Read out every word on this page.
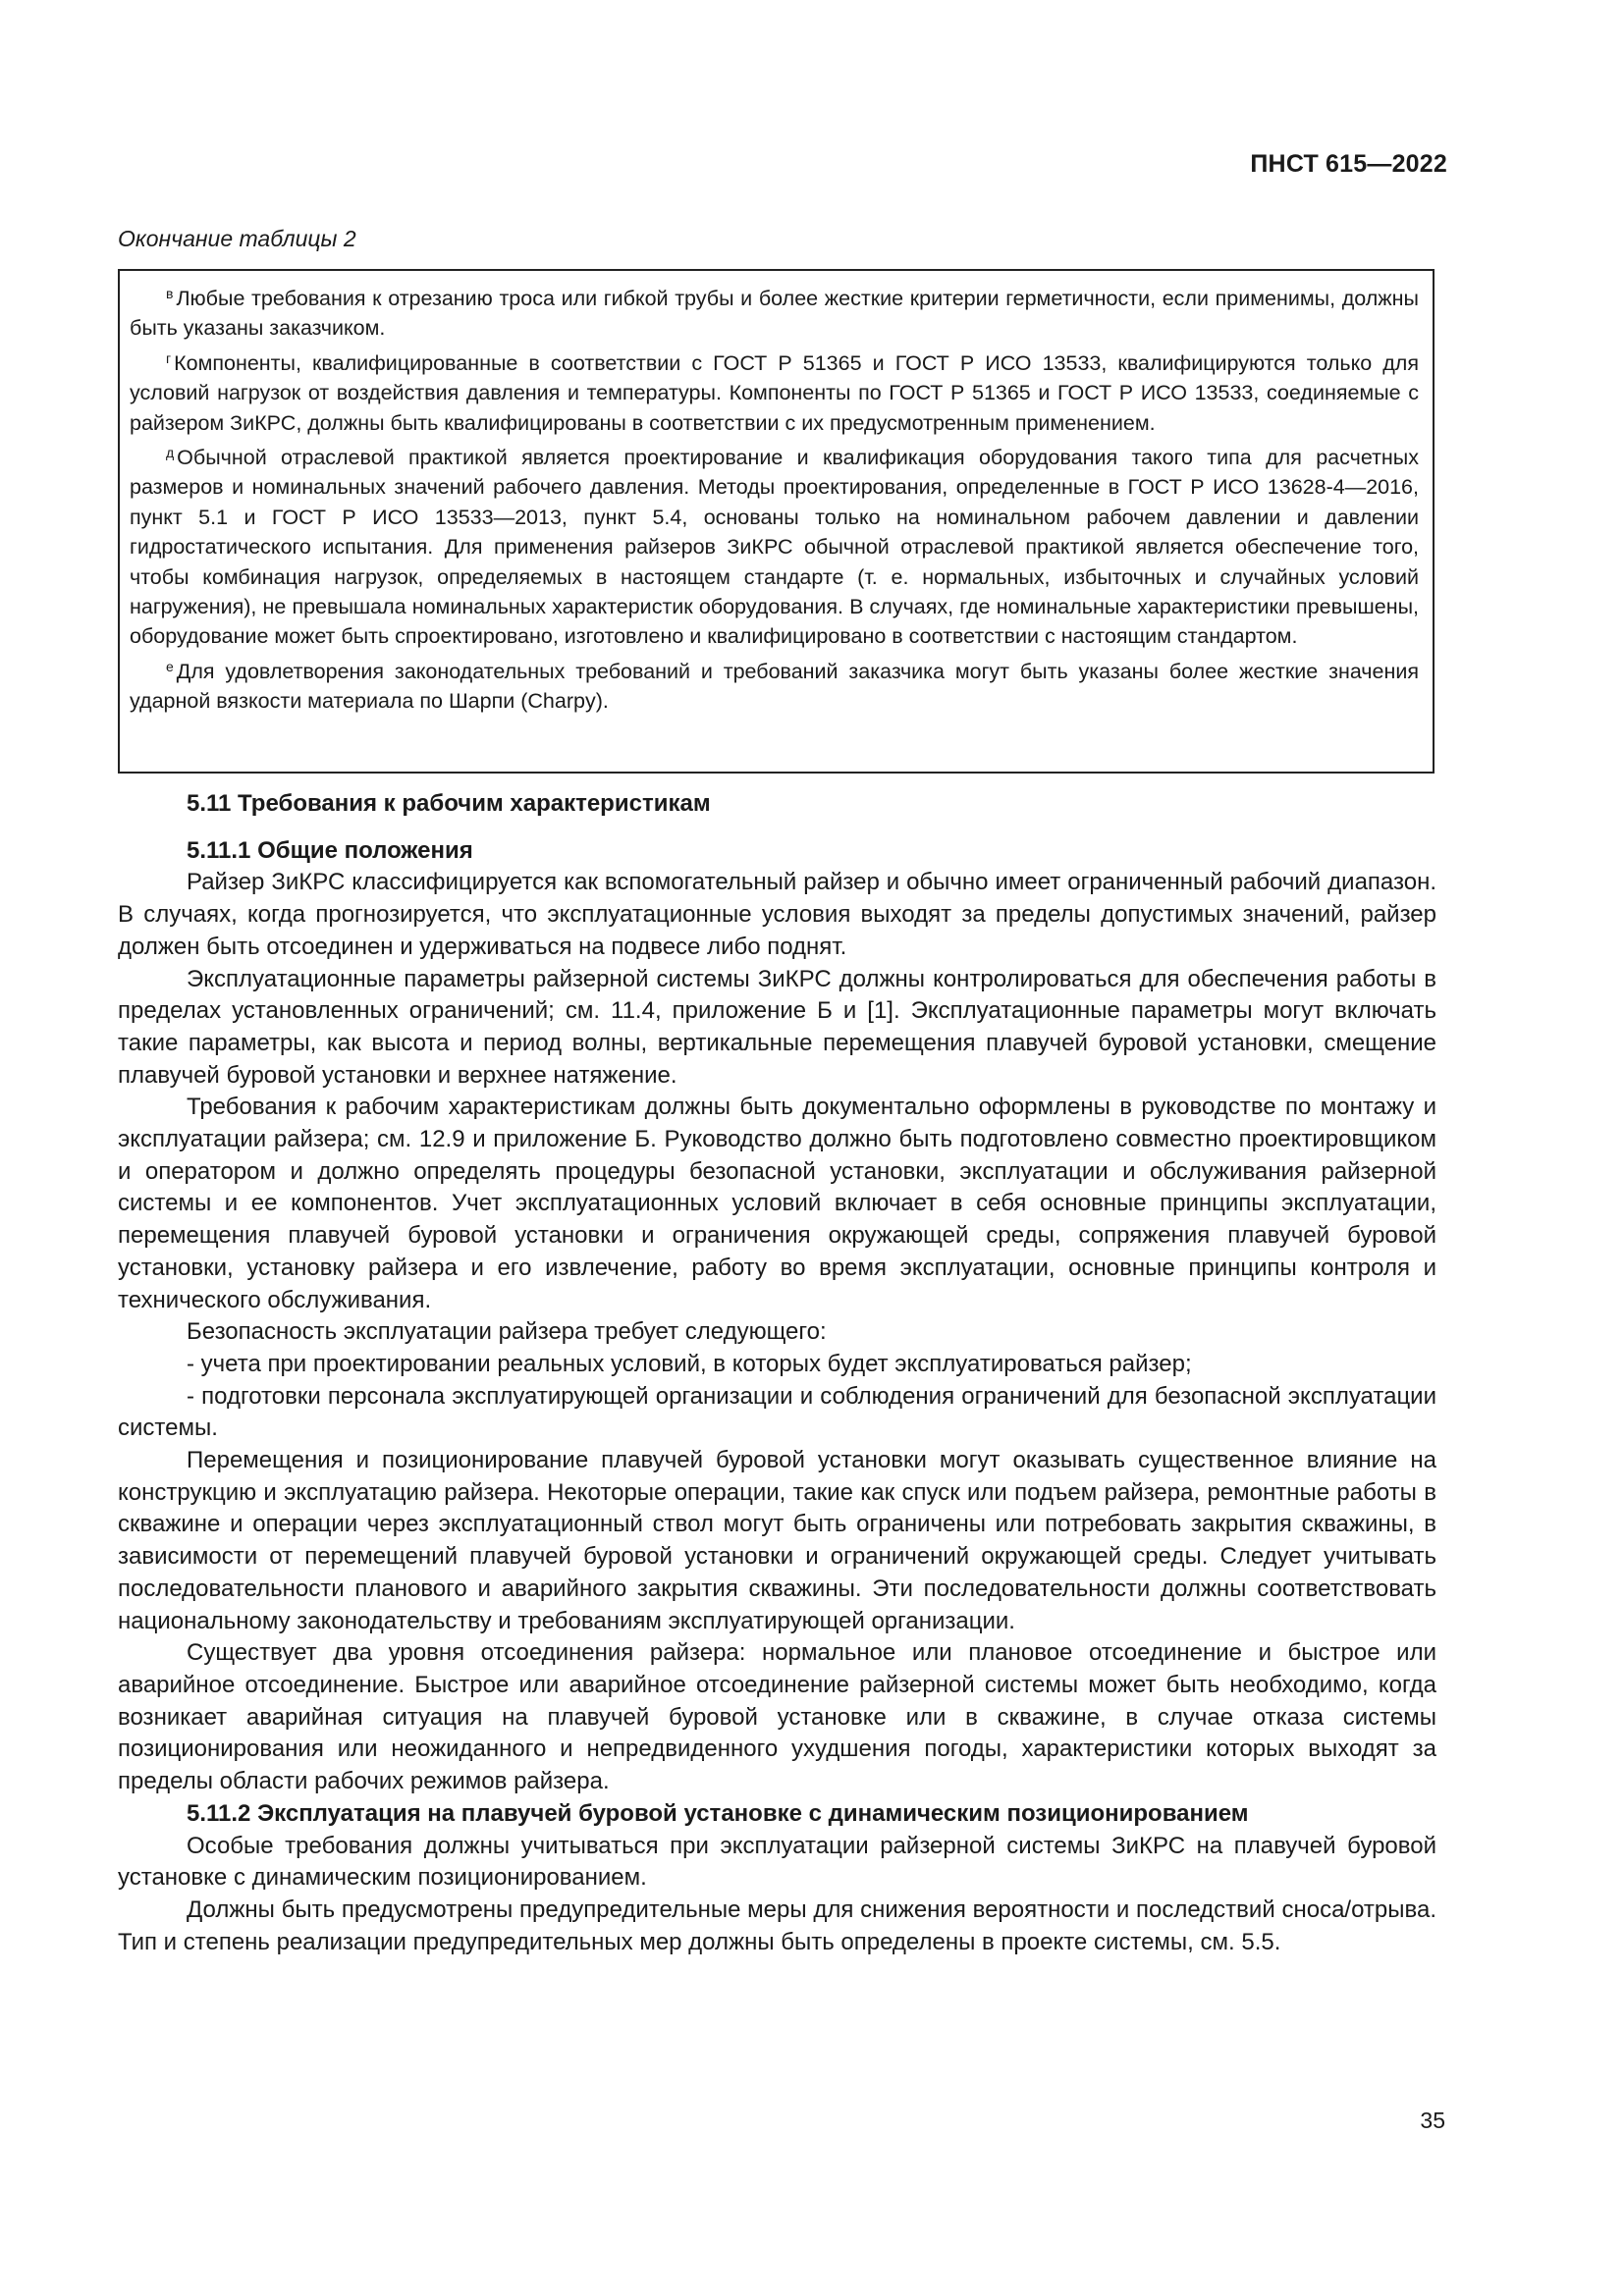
ПНСТ 615—2022
Окончание таблицы 2

$^в$ Любые требования к отрезанию троса или гибкой трубы и более жесткие критерии герметичности, если применимы, должны быть указаны заказчиком.

$^г$ Компоненты, квалифицированные в соответствии с ГОСТ Р 51365 и ГОСТ Р ИСО 13533, квалифицируются только для условий нагрузок от воздействия давления и температуры. Компоненты по ГОСТ Р 51365 и ГОСТ Р ИСО 13533, соединяемые с райзером ЗиКРС, должны быть квалифицированы в соответствии с их предусмотренным применением.

$^д$ Обычной отраслевой практикой является проектирование и квалификация оборудования такого типа для расчетных размеров и номинальных значений рабочего давления. Методы проектирования, определенные в ГОСТ Р ИСО 13628-4—2016, пункт 5.1 и ГОСТ Р ИСО 13533—2013, пункт 5.4, основаны только на номинальном рабочем давлении и давлении гидростатического испытания. Для применения райзеров ЗиКРС обычной отраслевой практикой является обеспечение того, чтобы комбинация нагрузок, определяемых в настоящем стандарте (т. е. нормальных, избыточных и случайных условий нагружения), не превышала номинальных характеристик оборудования. В случаях, где номинальные характеристики превышены, оборудование может быть спроектировано, изготовлено и квалифицировано в соответствии с настоящим стандартом.

$^е$ Для удовлетворения законодательных требований и требований заказчика могут быть указаны более жесткие значения ударной вязкости материала по Шарпи (Charpy).

5.11 Требования к рабочим характеристикам

5.11.1 Общие положения

Райзер ЗиКРС классифицируется как вспомогательный райзер и обычно имеет ограниченный рабочий диапазон. В случаях, когда прогнозируется, что эксплуатационные условия выходят за пределы допустимых значений, райзер должен быть отсоединен и удерживаться на подвесе либо поднят.

Эксплуатационные параметры райзерной системы ЗиКРС должны контролироваться для обеспечения работы в пределах установленных ограничений; см. 11.4, приложение Б и [1]. Эксплуатационные параметры могут включать такие параметры, как высота и период волны, вертикальные перемещения плавучей буровой установки, смещение плавучей буровой установки и верхнее натяжение.

Требования к рабочим характеристикам должны быть документально оформлены в руководстве по монтажу и эксплуатации райзера; см. 12.9 и приложение Б. Руководство должно быть подготовлено совместно проектировщиком и оператором и должно определять процедуры безопасной установки, эксплуатации и обслуживания райзерной системы и ее компонентов. Учет эксплуатационных условий включает в себя основные принципы эксплуатации, перемещения плавучей буровой установки и ограничения окружающей среды, сопряжения плавучей буровой установки, установку райзера и его извлечение, работу во время эксплуатации, основные принципы контроля и технического обслуживания.

Безопасность эксплуатации райзера требует следующего:

- учета при проектировании реальных условий, в которых будет эксплуатироваться райзер;

- подготовки персонала эксплуатирующей организации и соблюдения ограничений для безопасной эксплуатации системы.

Перемещения и позиционирование плавучей буровой установки могут оказывать существенное влияние на конструкцию и эксплуатацию райзера. Некоторые операции, такие как спуск или подъем райзера, ремонтные работы в скважине и операции через эксплуатационный ствол могут быть ограничены или потребовать закрытия скважины, в зависимости от перемещений плавучей буровой установки и ограничений окружающей среды. Следует учитывать последовательности планового и аварийного закрытия скважины. Эти последовательности должны соответствовать национальному законодательству и требованиям эксплуатирующей организации.

Существует два уровня отсоединения райзера: нормальное или плановое отсоединение и быстрое или аварийное отсоединение. Быстрое или аварийное отсоединение райзерной системы может быть необходимо, когда возникает аварийная ситуация на плавучей буровой установке или в скважине, в случае отказа системы позиционирования или неожиданного и непредвиденного ухудшения погоды, характеристики которых выходят за пределы области рабочих режимов райзера.

5.11.2 Эксплуатация на плавучей буровой установке с динамическим позиционированием

Особые требования должны учитываться при эксплуатации райзерной системы ЗиКРС на плавучей буровой установке с динамическим позиционированием.

Должны быть предусмотрены предупредительные меры для снижения вероятности и последствий сноса/отрыва. Тип и степень реализации предупредительных мер должны быть определены в проекте системы, см. 5.5.

35
